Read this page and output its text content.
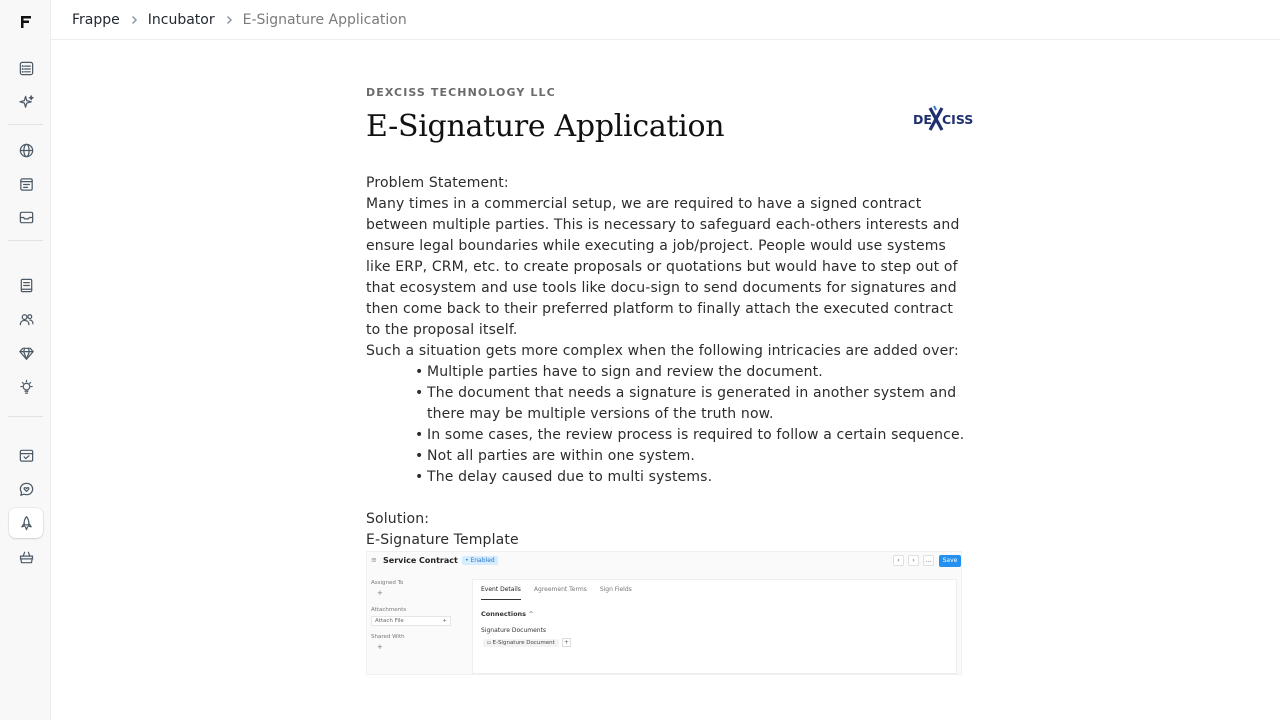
Frappe Incubator E-Signature Application
DEXCISS TECHNOLOGY LLC
E-Signature Application	DE CISS

Problem Statement:

Many times in a commercial setup, we are required to have a signed contract between multiple parties. This is necessary to safeguard each-others interests and ensure legal boundaries while executing a job/project. People would use systems like ERP, CRM, etc. to create proposals or quotations but would have to step out of that ecosystem and use tools like docu-sign to send documents for signatures and then come back to their preferred platform to finally attach the executed contract to the proposal itself.

Such a situation gets more complex when the following intricacies are added over:

• Multiple parties have to sign and review the document.
• The document that needs a signature is generated in another system and there may be multiple versions of the truth now.
• In some cases, the review process is required to follow a certain sequence.
• Not all parties are within one system.
• The delay caused due to multi systems.

Solution:

E-Signature Template

≡ Service Contract	• Enabled	‹	›	…	Save
Assigned To
+
Attachments
Attach File	+
Shared With
+
Event Details Agreement Terms Sign Fields
Connections ^
Signature Documents
▫ E-Signature Document	+
